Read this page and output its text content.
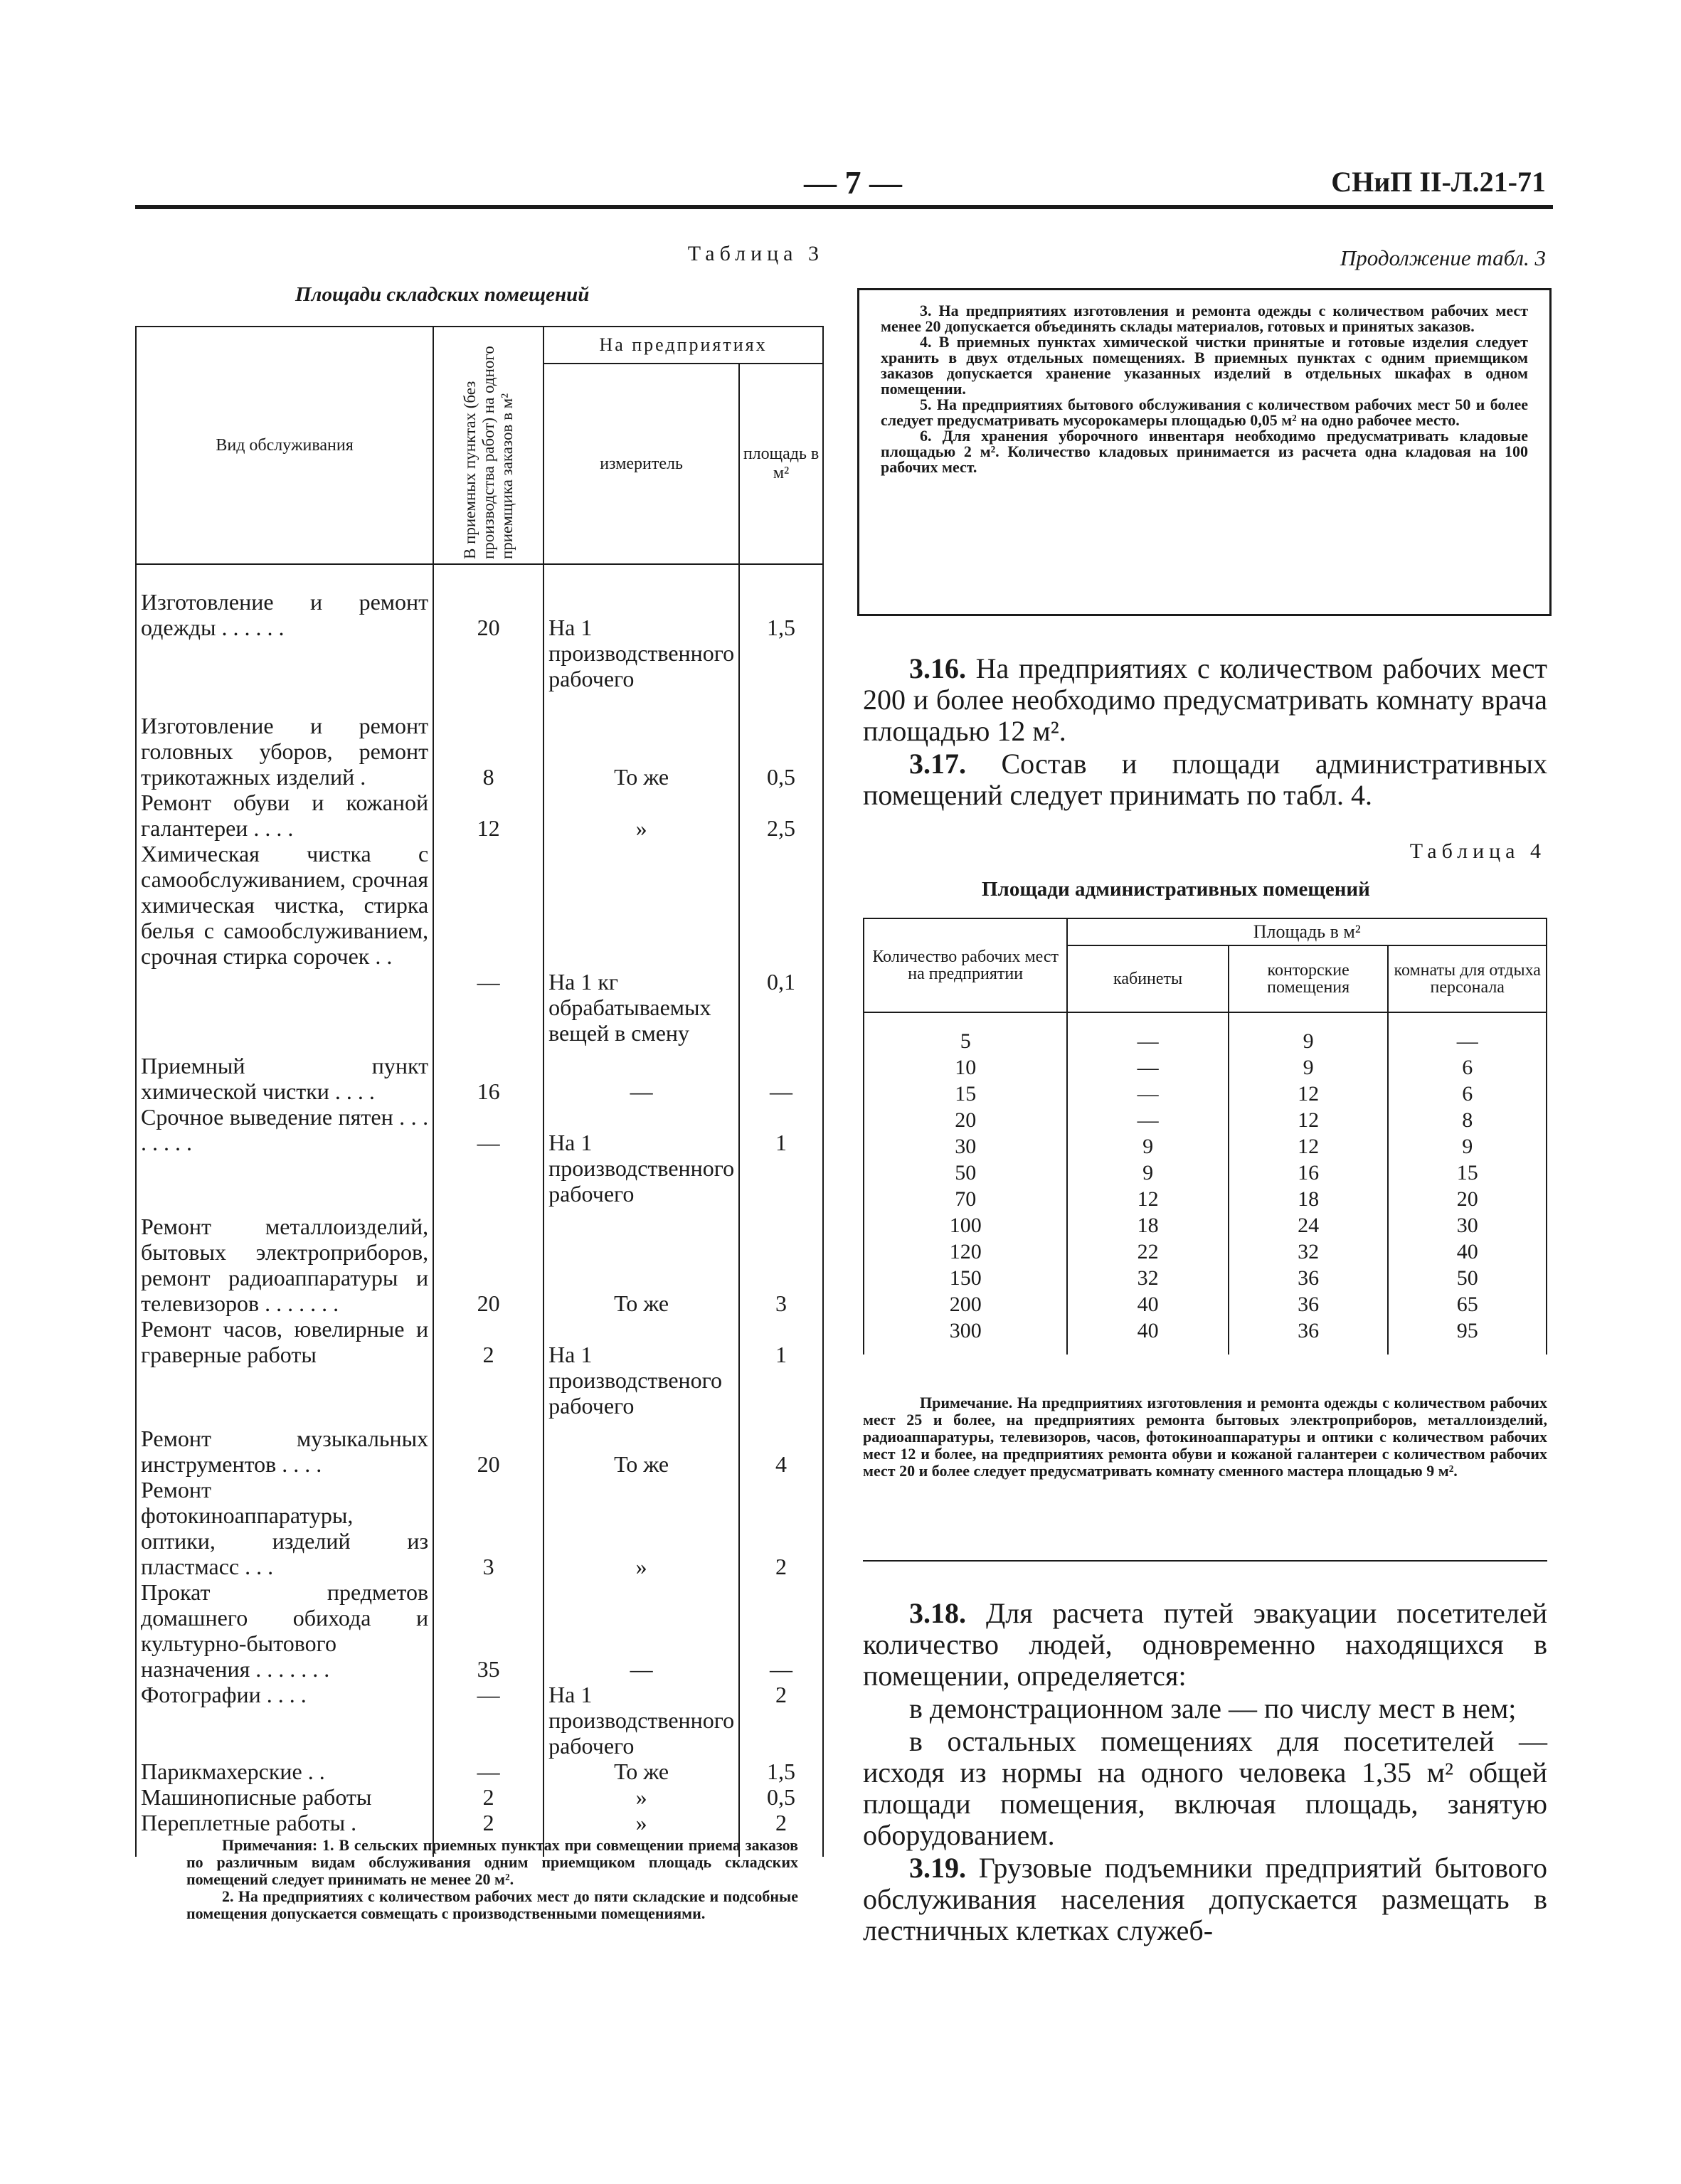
— 7 —	СНиП II-Л.21-71
Таблица 3
Площади складских помещений
Вид обслуживания	В приемных пунктах (без производства работ) на одного приемщика заказов в м²	На предприятиях	
		измеритель	площадь в м²
Изготовление и ремонт одежды . . . . . .	20	На 1 производственного рабочего	1,5
Изготовление и ремонт головных уборов, ремонт трикотажных изделий .	8	То же	0,5
Ремонт обуви и кожаной галантереи . . . .	12	»	2,5
Химическая чистка с самообслуживанием, срочная химическая чистка, стирка белья с самообслуживанием, срочная стирка сорочек . .	—	На 1 кг обрабатываемых вещей в смену	0,1
Приемный пункт химической чистки . . . .	16	—	—
Срочное выведение пятен . . . . . . . .	—	На 1 производственного рабочего	1
Ремонт металлоизделий, бытовых электроприборов, ремонт радиоаппаратуры и телевизоров . . . . . . .	20	То же	3
Ремонт часов, ювелирные и граверные работы	2	На 1 производственого рабочего	1
Ремонт музыкальных инструментов . . . .	20	То же	4
Ремонт фотокиноаппаратуры, оптики, изделий из пластмасс . . .	3	»	2
Прокат предметов домашнего обихода и культурно-бытового назначения . . . . . . .	35	—	—
Фотографии . . . .	—	На 1 производственного рабочего	2
Парикмахерские . .	—	То же	1,5
Машинописные работы	2	»	0,5
Переплетные работы .	2	»	2

Примечания: 1. В сельских приемных пунктах при совмещении приема заказов по различным видам обслуживания одним приемщиком площадь складских помещений следует принимать не менее 20 м².

2. На предприятиях с количеством рабочих мест до пяти складские и подсобные помещения допускается совмещать с производственными помещениями.

Продолжение табл. 3

3. На предприятиях изготовления и ремонта одежды с количеством рабочих мест менее 20 допускается объединять склады материалов, готовых и принятых заказов.

4. В приемных пунктах химической чистки принятые и готовые изделия следует хранить в двух отдельных помещениях. В приемных пунктах с одним приемщиком заказов допускается хранение указанных изделий в отдельных шкафах в одном помещении.

5. На предприятиях бытового обслуживания с количеством рабочих мест 50 и более следует предусматривать мусорокамеры площадью 0,05 м² на одно рабочее место.

6. Для хранения уборочного инвентаря необходимо предусматривать кладовые площадью 2 м². Количество кладовых принимается из расчета одна кладовая на 100 рабочих мест.

3.16. На предприятиях с количеством рабочих мест 200 и более необходимо предусматривать комнату врача площадью 12 м².

3.17. Состав и площади административных помещений следует принимать по табл. 4.

Таблица 4
Площади административных помещений
Количество рабочих мест на предприятии	Площадь в м²		
	кабинеты	конторские помещения	комнаты для отдыха персонала
5	—	9	—
10	—	9	6
15	—	12	6
20	—	12	8
30	9	12	9
50	9	16	15
70	12	18	20
100	18	24	30
120	22	32	40
150	32	36	50
200	40	36	65
300	40	36	95

Примечание. На предприятиях изготовления и ремонта одежды с количеством рабочих мест 25 и более, на предприятиях ремонта бытовых электроприборов, металлоизделий, радиоаппаратуры, телевизоров, часов, фотокиноаппаратуры и оптики с количеством рабочих мест 12 и более, на предприятиях ремонта обуви и кожаной галантереи с количеством рабочих мест 20 и более следует предусматривать комнату сменного мастера площадью 9 м².

3.18. Для расчета путей эвакуации посетителей количество людей, одновременно находящихся в помещении, определяется:

в демонстрационном зале — по числу мест в нем;

в остальных помещениях для посетителей — исходя из нормы на одного человека 1,35 м² общей площади помещения, включая площадь, занятую оборудованием.

3.19. Грузовые подъемники предприятий бытового обслуживания населения допускается размещать в лестничных клетках служеб-
